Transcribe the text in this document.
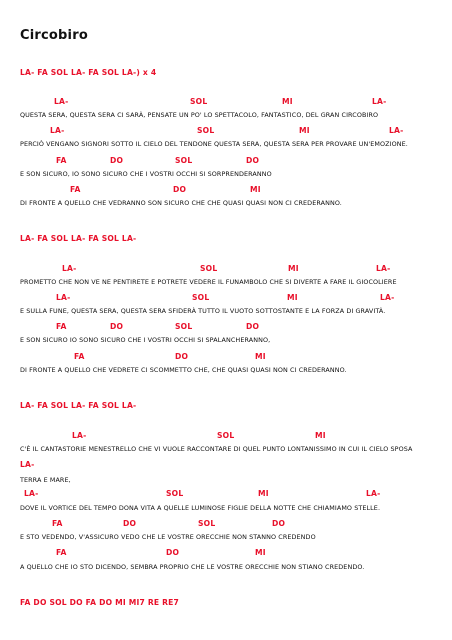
Circobiro
LA- FA SOL LA- FA SOL LA-) x 4
LA-	SOL	MI	LA-
QUESTA SERA, QUESTA SERA CI SARÀ, PENSATE UN PO' LO SPETTACOLO, FANTASTICO, DEL GRAN CIRCOBIRO
LA-	SOL	MI	LA-
PERCIÒ VENGANO SIGNORI SOTTO IL CIELO DEL TENDONE QUESTA SERA, QUESTA SERA PER PROVARE UN'EMOZIONE.
FA	DO	SOL	DO
E SON SICURO, IO SONO SICURO CHE I VOSTRI OCCHI SI SORPRENDERANNO
FA	DO	MI
DI FRONTE A QUELLO CHE VEDRANNO SON SICURO CHE CHE QUASI QUASI NON CI CREDERANNO.
LA- FA SOL LA- FA SOL LA-
LA-	SOL	MI	LA-
PROMETTO CHE NON VE NE PENTIRETE E POTRETE VEDERE IL FUNAMBOLO CHE SI DIVERTE A FARE IL GIOCOLIERE
LA-	SOL	MI	LA-
E SULLA FUNE, QUESTA SERA, QUESTA SERA SFIDERÀ TUTTO IL VUOTO SOTTOSTANTE E LA FORZA DI GRAVITÀ.
FA	DO	SOL	DO
E SON SICURO IO SONO SICURO CHE I VOSTRI OCCHI SI SPALANCHERANNO,
FA	DO	MI
DI FRONTE A QUELLO CHE VEDRETE CI SCOMMETTO CHE, CHE QUASI QUASI NON CI CREDERANNO.
LA- FA SOL LA- FA SOL LA-
LA-	SOL	MI
C'È IL CANTASTORIE MENESTRELLO CHE VI VUOLE RACCONTARE DI QUEL PUNTO LONTANISSIMO IN CUI IL CIELO SPOSA
LA-
TERRA E MARE,
LA-	SOL	MI	LA-
DOVE IL VORTICE DEL TEMPO DONA VITA A QUELLE LUMINOSE FIGLIE DELLA NOTTE CHE CHIAMIAMO STELLE.
FA	DO	SOL	DO
E STO VEDENDO, V'ASSICURO VEDO CHE LE VOSTRE ORECCHIE NON STANNO CREDENDO
FA	DO	MI
A QUELLO CHE IO STO DICENDO, SEMBRA PROPRIO CHE LE VOSTRE ORECCHIE NON STIANO CREDENDO.
FA DO SOL DO FA DO MI MI7 RE RE7
